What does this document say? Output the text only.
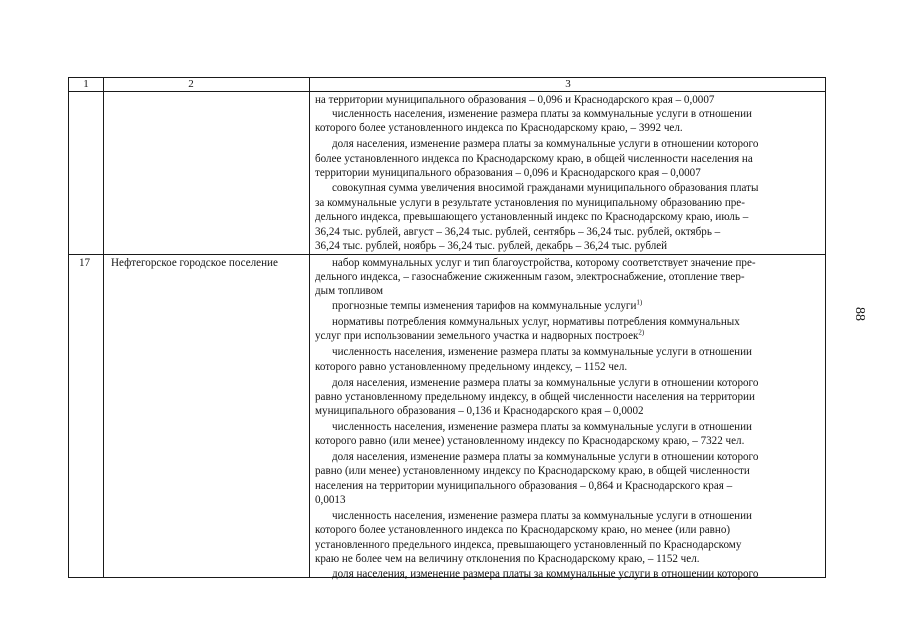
1	2	3
на территории муниципального образования – 0,096 и Краснодарского края – 0,0007
численность населения, изменение размера платы за коммунальные услуги в отношении
которого более установленного индекса по Краснодарскому краю, – 3992 чел.
доля населения, изменение размера платы за коммунальные услуги в отношении которого
более установленного индекса по Краснодарскому краю, в общей численности населения на
территории муниципального образования – 0,096 и Краснодарского края – 0,0007
совокупная сумма увеличения вносимой гражданами муниципального образования платы
за коммунальные услуги в результате установления по муниципальному образованию пре-
дельного индекса, превышающего установленный индекс по Краснодарскому краю, июль –
36,24 тыс. рублей, август – 36,24 тыс. рублей, сентябрь – 36,24 тыс. рублей, октябрь –
36,24 тыс. рублей, ноябрь – 36,24 тыс. рублей, декабрь – 36,24 тыс. рублей
17 Нефтегорское городское поселение	набор коммунальных услуг и тип благоустройства, которому соответствует значение пре-
дельного индекса, – газоснабжение сжиженным газом, электроснабжение, отопление твер-
дым топливом
прогнозные темпы изменения тарифов на коммунальные услуги$^{1)}$
нормативы потребления коммунальных услуг, нормативы потребления коммунальных
услуг при использовании земельного участка и надворных построек$^{2)}$
численность населения, изменение размера платы за коммунальные услуги в отношении
которого равно установленному предельному индексу, – 1152 чел.
доля населения, изменение размера платы за коммунальные услуги в отношении которого
равно установленному предельному индексу, в общей численности населения на территории
муниципального образования – 0,136 и Краснодарского края – 0,0002
численность населения, изменение размера платы за коммунальные услуги в отношении
которого равно (или менее) установленному индексу по Краснодарскому краю, – 7322 чел.
доля населения, изменение размера платы за коммунальные услуги в отношении которого
равно (или менее) установленному индексу по Краснодарскому краю, в общей численности
населения на территории муниципального образования – 0,864 и Краснодарского края –
0,0013
численность населения, изменение размера платы за коммунальные услуги в отношении
которого более установленного индекса по Краснодарскому краю, но менее (или равно)
установленного предельного индекса, превышающего установленный по Краснодарскому
краю не более чем на величину отклонения по Краснодарскому краю, – 1152 чел.
доля населения, изменение размера платы за коммунальные услуги в отношении которого
88
